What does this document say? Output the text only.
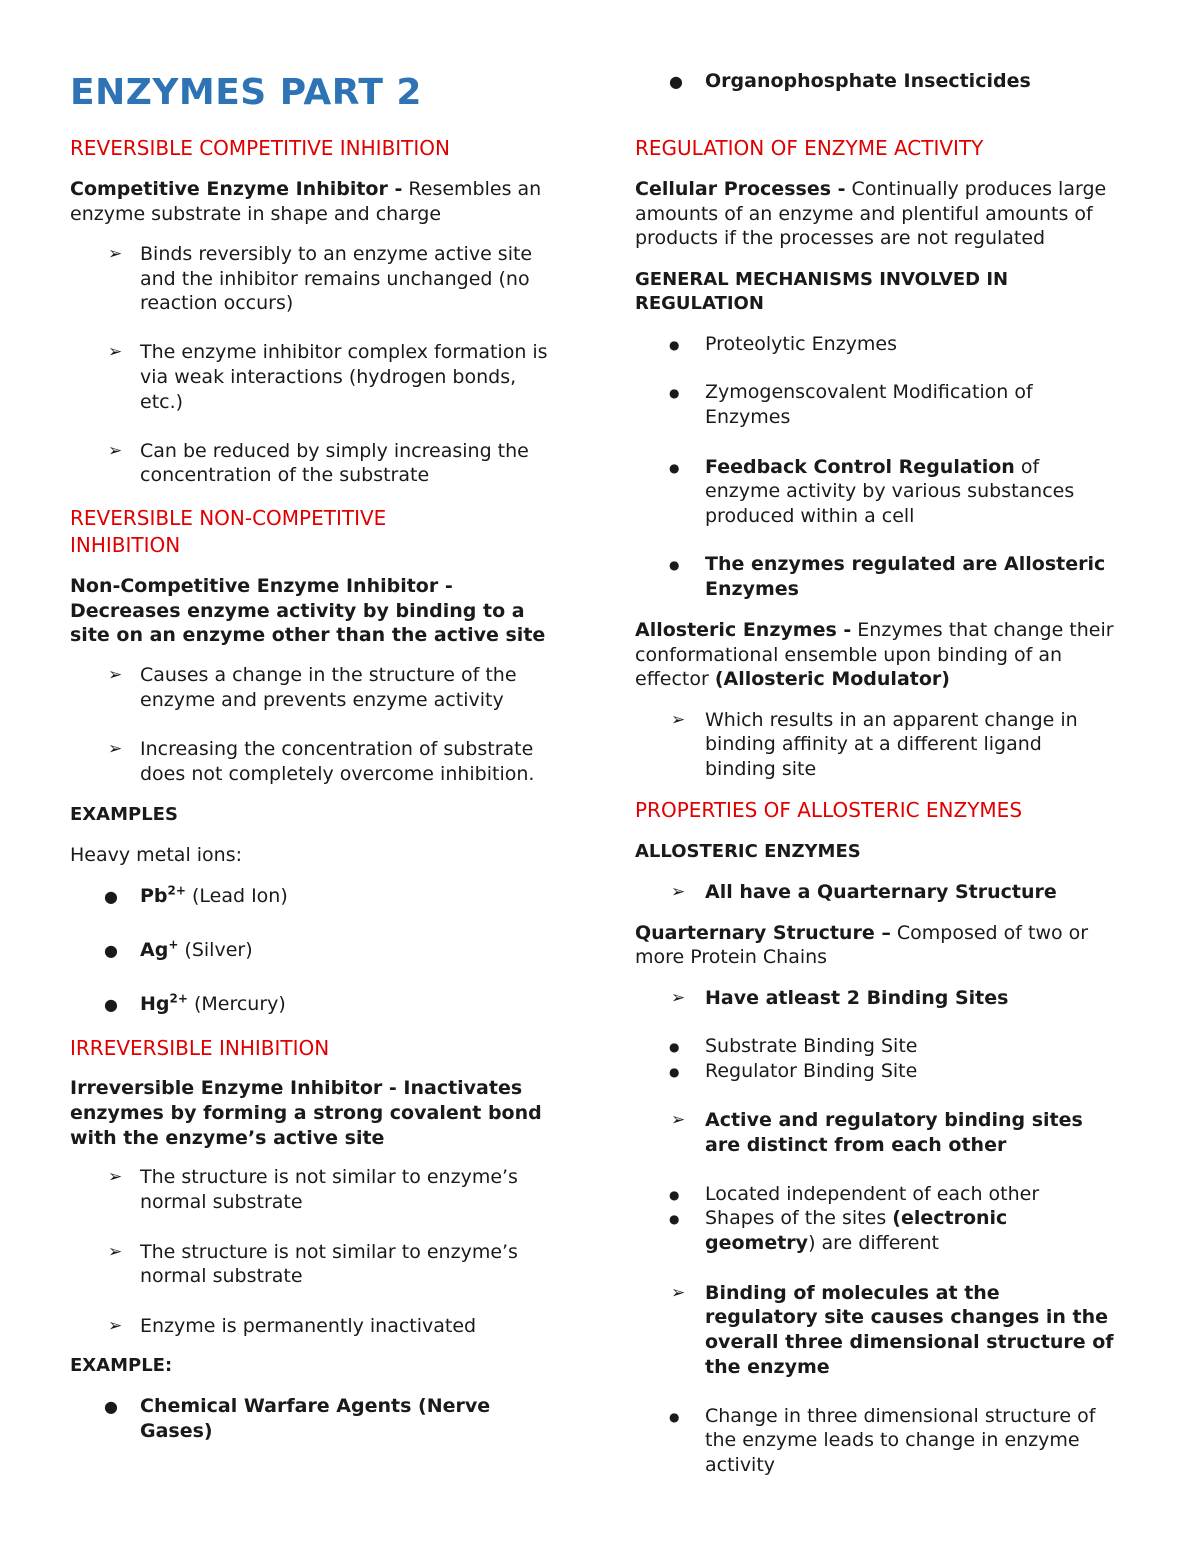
ENZYMES PART 2
REVERSIBLE COMPETITIVE INHIBITION
Competitive Enzyme Inhibitor - Resembles an
enzyme substrate in shape and charge
➢ Binds reversibly to an enzyme active site
and the inhibitor remains unchanged (no
reaction occurs)
➢ The enzyme inhibitor complex formation is
via weak interactions (hydrogen bonds,
etc.)
➢ Can be reduced by simply increasing the
concentration of the substrate
REVERSIBLE NON-COMPETITIVE
INHIBITION
Non-Competitive Enzyme Inhibitor -
Decreases enzyme activity by binding to a
site on an enzyme other than the active site
➢ Causes a change in the structure of the
enzyme and prevents enzyme activity
➢ Increasing the concentration of substrate
does not completely overcome inhibition.
EXAMPLES
Heavy metal ions:
● $Pb^{2+}$ (Lead Ion)
● Ag+ (Silver)
● $Hg^{2+}$ (Mercury)
IRREVERSIBLE INHIBITION
Irreversible Enzyme Inhibitor - Inactivates
enzymes by forming a strong covalent bond
with the enzyme’s active site
➢ The structure is not similar to enzyme’s
normal substrate
➢ The structure is not similar to enzyme’s
normal substrate
➢ Enzyme is permanently inactivated
EXAMPLE:
● Chemical Warfare Agents (Nerve
Gases)
● Organophosphate Insecticides
REGULATION OF ENZYME ACTIVITY
Cellular Processes - Continually produces large
amounts of an enzyme and plentiful amounts of
products if the processes are not regulated
GENERAL MECHANISMS INVOLVED IN
REGULATION
● Proteolytic Enzymes
● Zymogenscovalent Modification of
Enzymes
● Feedback Control Regulation of
enzyme activity by various substances
produced within a cell
● The enzymes regulated are Allosteric
Enzymes
Allosteric Enzymes - Enzymes that change their
conformational ensemble upon binding of an
effector (Allosteric Modulator)
➢ Which results in an apparent change in
binding affinity at a different ligand
binding site
PROPERTIES OF ALLOSTERIC ENZYMES
ALLOSTERIC ENZYMES
➢ All have a Quarternary Structure
Quarternary Structure – Composed of two or
more Protein Chains
➢ Have atleast 2 Binding Sites
● Substrate Binding Site
● Regulator Binding Site
➢ Active and regulatory binding sites
are distinct from each other
● Located independent of each other
● Shapes of the sites (electronic
geometry) are different
➢ Binding of molecules at the
regulatory site causes changes in the
overall three dimensional structure of
the enzyme
● Change in three dimensional structure of
the enzyme leads to change in enzyme
activity
